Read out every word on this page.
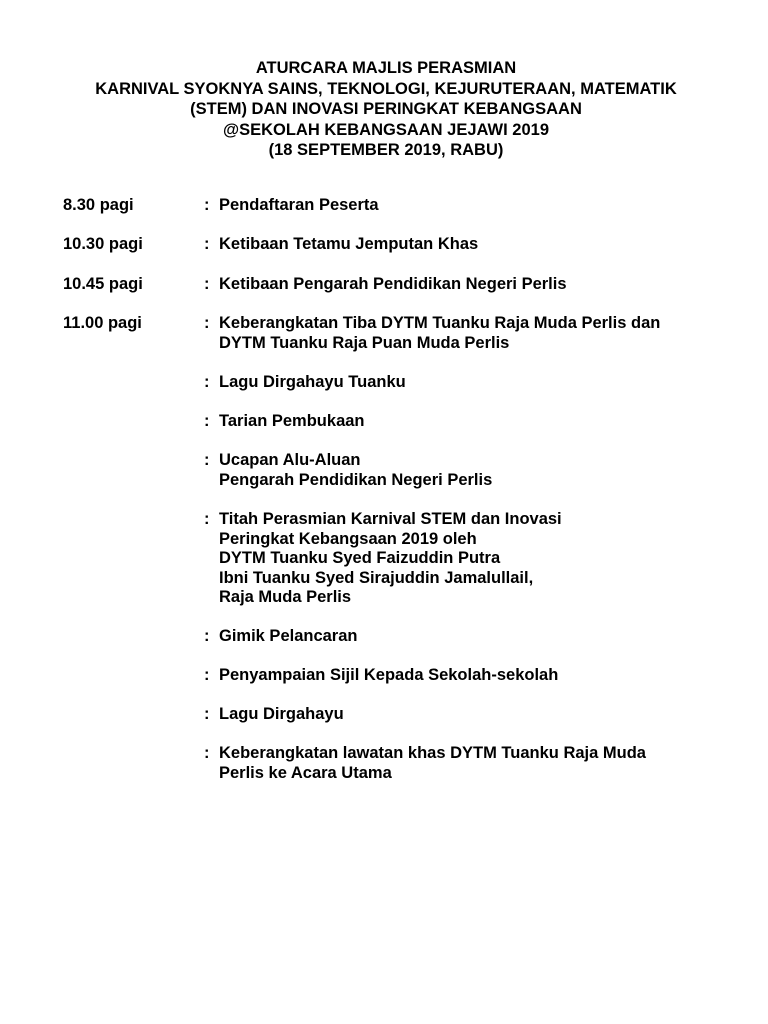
ATURCARA MAJLIS PERASMIAN
KARNIVAL SYOKNYA SAINS, TEKNOLOGI, KEJURUTERAAN, MATEMATIK
(STEM) DAN INOVASI PERINGKAT KEBANGSAAN
@SEKOLAH KEBANGSAAN JEJAWI 2019
(18 SEPTEMBER 2019, RABU)
8.30 pagi	: Pendaftaran Peserta
10.30 pagi	: Ketibaan Tetamu Jemputan Khas
10.45 pagi	: Ketibaan Pengarah Pendidikan Negeri Perlis
11.00 pagi	: Keberangkatan Tiba DYTM Tuanku Raja Muda Perlis dan
DYTM Tuanku Raja Puan Muda Perlis
: Lagu Dirgahayu Tuanku
: Tarian Pembukaan
: Ucapan Alu-Aluan
Pengarah Pendidikan Negeri Perlis
: Titah Perasmian Karnival STEM dan Inovasi
Peringkat Kebangsaan 2019 oleh
DYTM Tuanku Syed Faizuddin Putra
Ibni Tuanku Syed Sirajuddin Jamalullail,
Raja Muda Perlis
: Gimik Pelancaran
: Penyampaian Sijil Kepada Sekolah-sekolah
: Lagu Dirgahayu
: Keberangkatan lawatan khas DYTM Tuanku Raja Muda
Perlis ke Acara Utama
